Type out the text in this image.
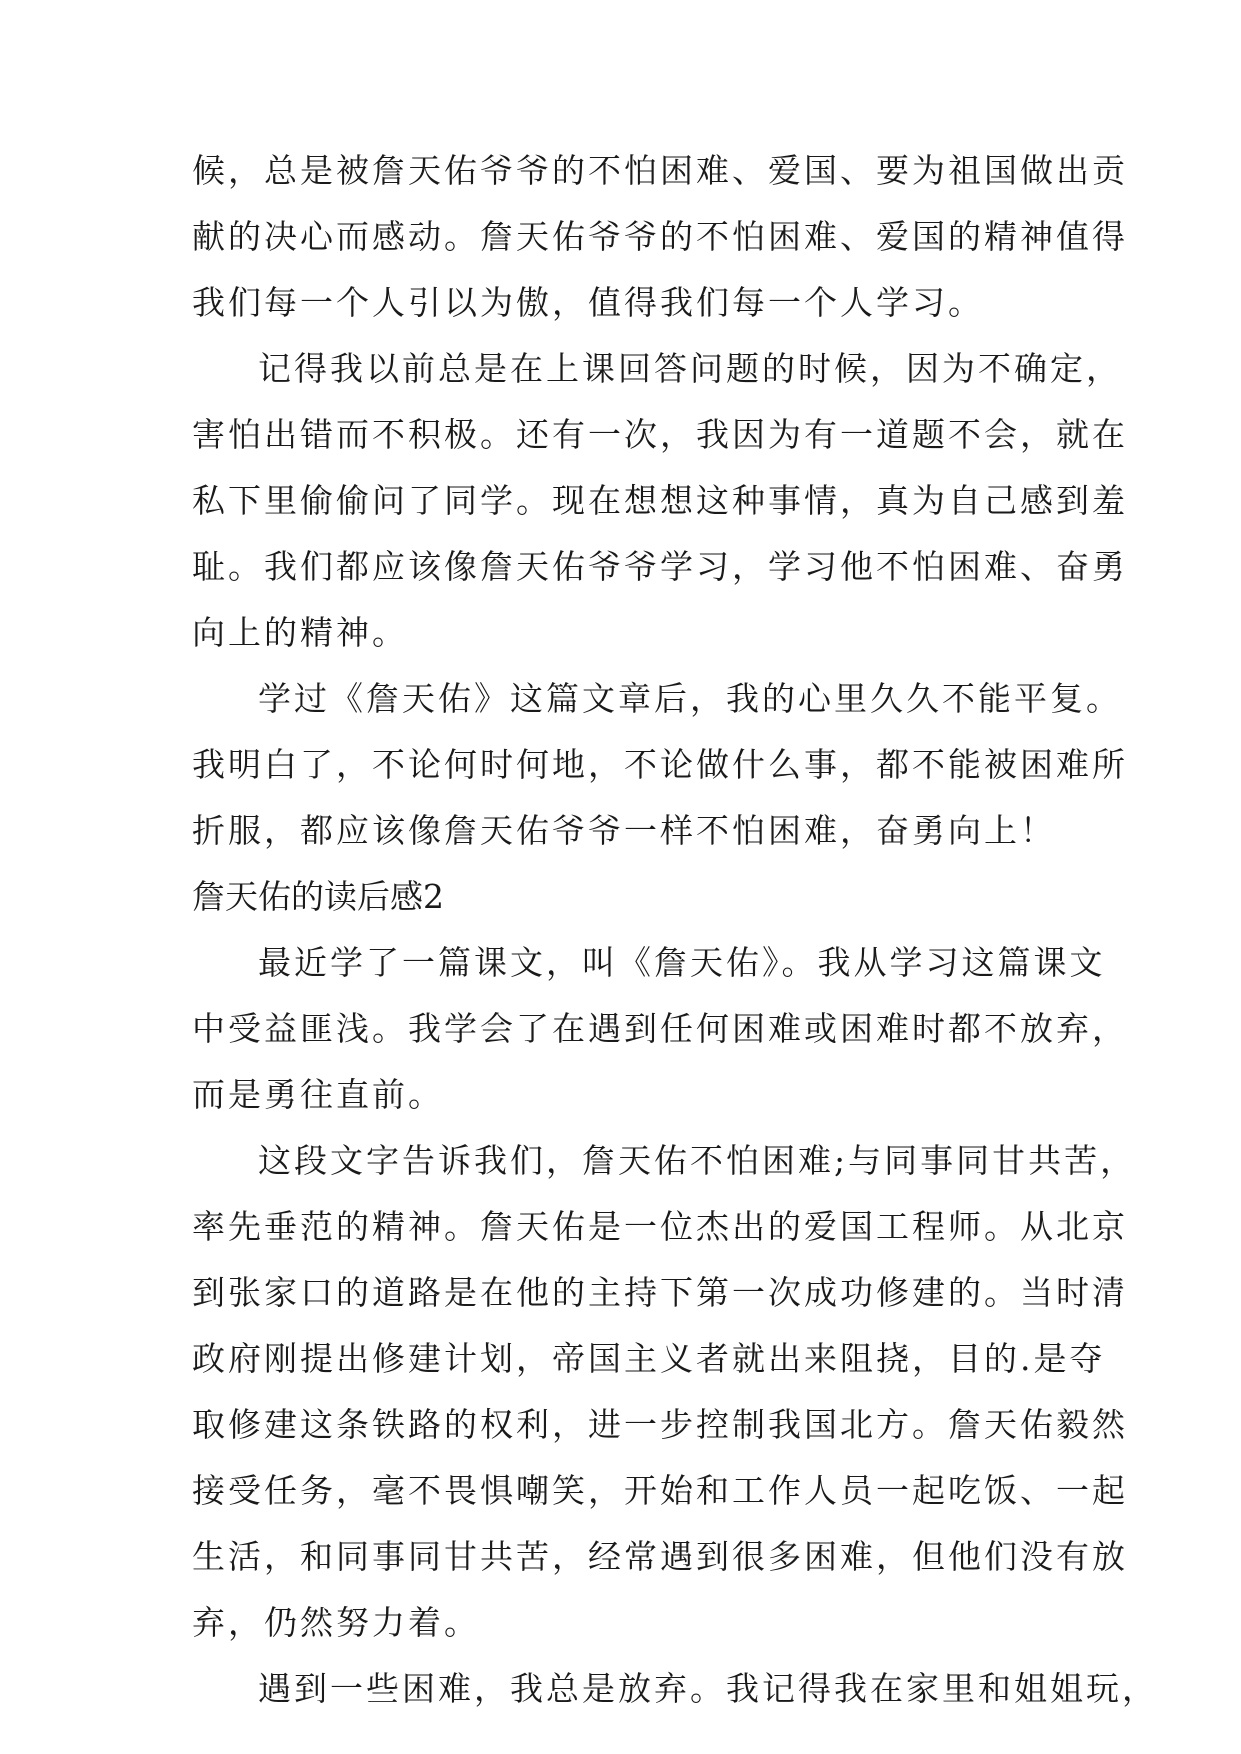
候，总是被詹天佑爷爷的不怕困难、爱国、要为祖国做出贡
献的决心而感动。詹天佑爷爷的不怕困难、爱国的精神值得
我们每一个人引以为傲，值得我们每一个人学习。
记得我以前总是在上课回答问题的时候，因为不确定，
害怕出错而不积极。还有一次，我因为有一道题不会，就在
私下里偷偷问了同学。现在想想这种事情，真为自己感到羞
耻。我们都应该像詹天佑爷爷学习，学习他不怕困难、奋勇
向上的精神。
学过《詹天佑》这篇文章后，我的心里久久不能平复。
我明白了，不论何时何地，不论做什么事，都不能被困难所
折服，都应该像詹天佑爷爷一样不怕困难，奋勇向上！
詹天佑的读后感2
最近学了一篇课文，叫《詹天佑》。我从学习这篇课文
中受益匪浅。我学会了在遇到任何困难或困难时都不放弃，
而是勇往直前。
这段文字告诉我们，詹天佑不怕困难;与同事同甘共苦，
率先垂范的精神。詹天佑是一位杰出的爱国工程师。从北京
到张家口的道路是在他的主持下第一次成功修建的。当时清
政府刚提出修建计划，帝国主义者就出来阻挠，目的.是夺
取修建这条铁路的权利，进一步控制我国北方。詹天佑毅然
接受任务，毫不畏惧嘲笑，开始和工作人员一起吃饭、一起
生活，和同事同甘共苦，经常遇到很多困难，但他们没有放
弃，仍然努力着。
遇到一些困难，我总是放弃。我记得我在家里和姐姐玩，
